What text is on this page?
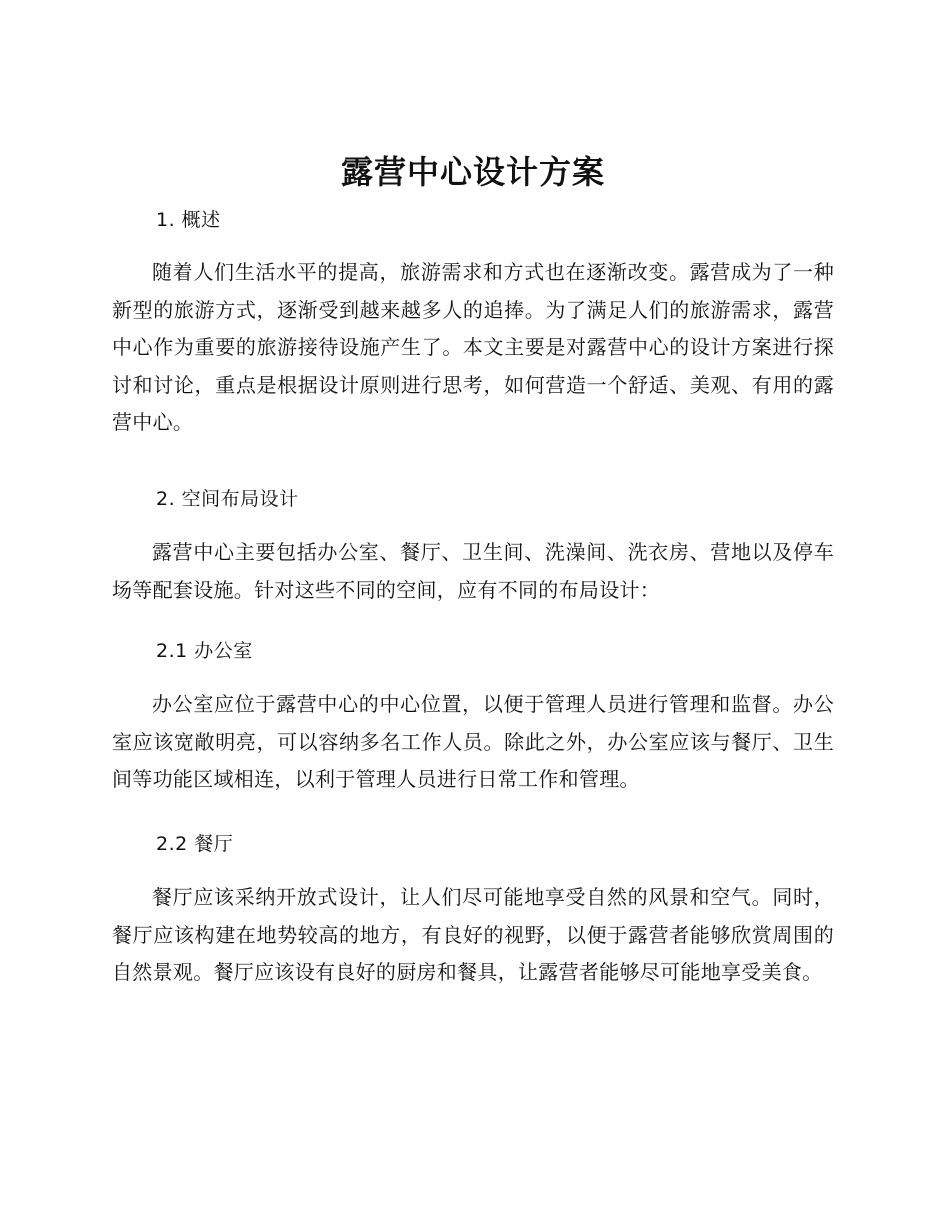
露营中心设计方案
1. 概述

随着人们生活水平的提高，旅游需求和方式也在逐渐改变。露营成为了一种新型的旅游方式，逐渐受到越来越多人的追捧。为了满足人们的旅游需求，露营中心作为重要的旅游接待设施产生了。本文主要是对露营中心的设计方案进行探讨和讨论，重点是根据设计原则进行思考，如何营造一个舒适、美观、有用的露营中心。

2. 空间布局设计

露营中心主要包括办公室、餐厅、卫生间、洗澡间、洗衣房、营地以及停车场等配套设施。针对这些不同的空间，应有不同的布局设计：

2.1 办公室

办公室应位于露营中心的中心位置，以便于管理人员进行管理和监督。办公室应该宽敞明亮，可以容纳多名工作人员。除此之外，办公室应该与餐厅、卫生间等功能区域相连，以利于管理人员进行日常工作和管理。

2.2 餐厅

餐厅应该采纳开放式设计，让人们尽可能地享受自然的风景和空气。同时，餐厅应该构建在地势较高的地方，有良好的视野，以便于露营者能够欣赏周围的自然景观。餐厅应该设有良好的厨房和餐具，让露营者能够尽可能地享受美食。
